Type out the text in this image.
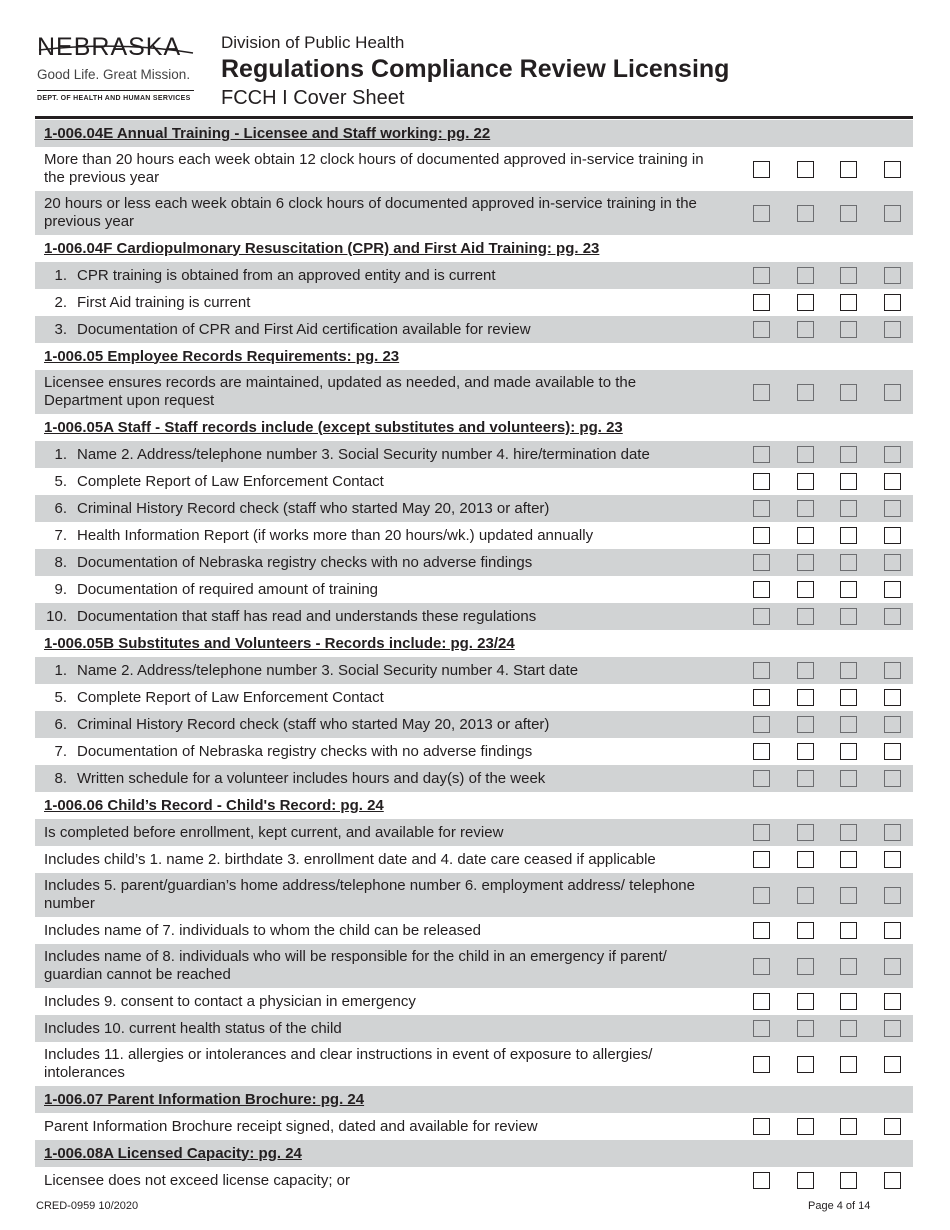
NEBRASKA
Good Life. Great Mission.
DEPT. OF HEALTH AND HUMAN SERVICES
Division of Public Health
Regulations Compliance Review Licensing
FCCH I Cover Sheet
1-006.04E Annual Training - Licensee and Staff working: pg. 22
More than 20 hours each week obtain 12 clock hours of documented approved in-service training in the previous year
20 hours or less each week obtain 6 clock hours of documented approved in-service training in the previous year
1-006.04F Cardiopulmonary Resuscitation (CPR) and First Aid Training: pg. 23
1. CPR training is obtained from an approved entity and is current
2. First Aid training is current
3. Documentation of CPR and First Aid certification available for review
1-006.05 Employee Records Requirements: pg. 23
Licensee ensures records are maintained, updated as needed, and made available to the Department upon request
1-006.05A Staff - Staff records include (except substitutes and volunteers): pg. 23
1. Name 2. Address/telephone number 3. Social Security number 4. hire/termination date
5. Complete Report of Law Enforcement Contact
6. Criminal History Record check (staff who started May 20, 2013 or after)
7. Health Information Report (if works more than 20 hours/wk.) updated annually
8. Documentation of Nebraska registry checks with no adverse findings
9. Documentation of required amount of training
10. Documentation that staff has read and understands these regulations
1-006.05B Substitutes and Volunteers - Records include: pg. 23/24
1. Name 2. Address/telephone number 3. Social Security number 4. Start date
5. Complete Report of Law Enforcement Contact
6. Criminal History Record check (staff who started May 20, 2013 or after)
7. Documentation of Nebraska registry checks with no adverse findings
8. Written schedule for a volunteer includes hours and day(s) of the week
1-006.06 Child’s Record - Child's Record: pg. 24
Is completed before enrollment, kept current, and available for review
Includes child’s 1. name 2. birthdate 3. enrollment date and 4. date care ceased if applicable
Includes 5. parent/guardian’s home address/telephone number 6. employment address/ telephone number
Includes name of 7. individuals to whom the child can be released
Includes name of 8. individuals who will be responsible for the child in an emergency if parent/ guardian cannot be reached
Includes 9. consent to contact a physician in emergency
Includes 10. current health status of the child
Includes 11. allergies or intolerances and clear instructions in event of exposure to allergies/ intolerances
1-006.07 Parent Information Brochure: pg. 24
Parent Information Brochure receipt signed, dated and available for review
1-006.08A Licensed Capacity: pg. 24
Licensee does not exceed license capacity; or
CRED-0959 10/2020	Page 4 of 14
